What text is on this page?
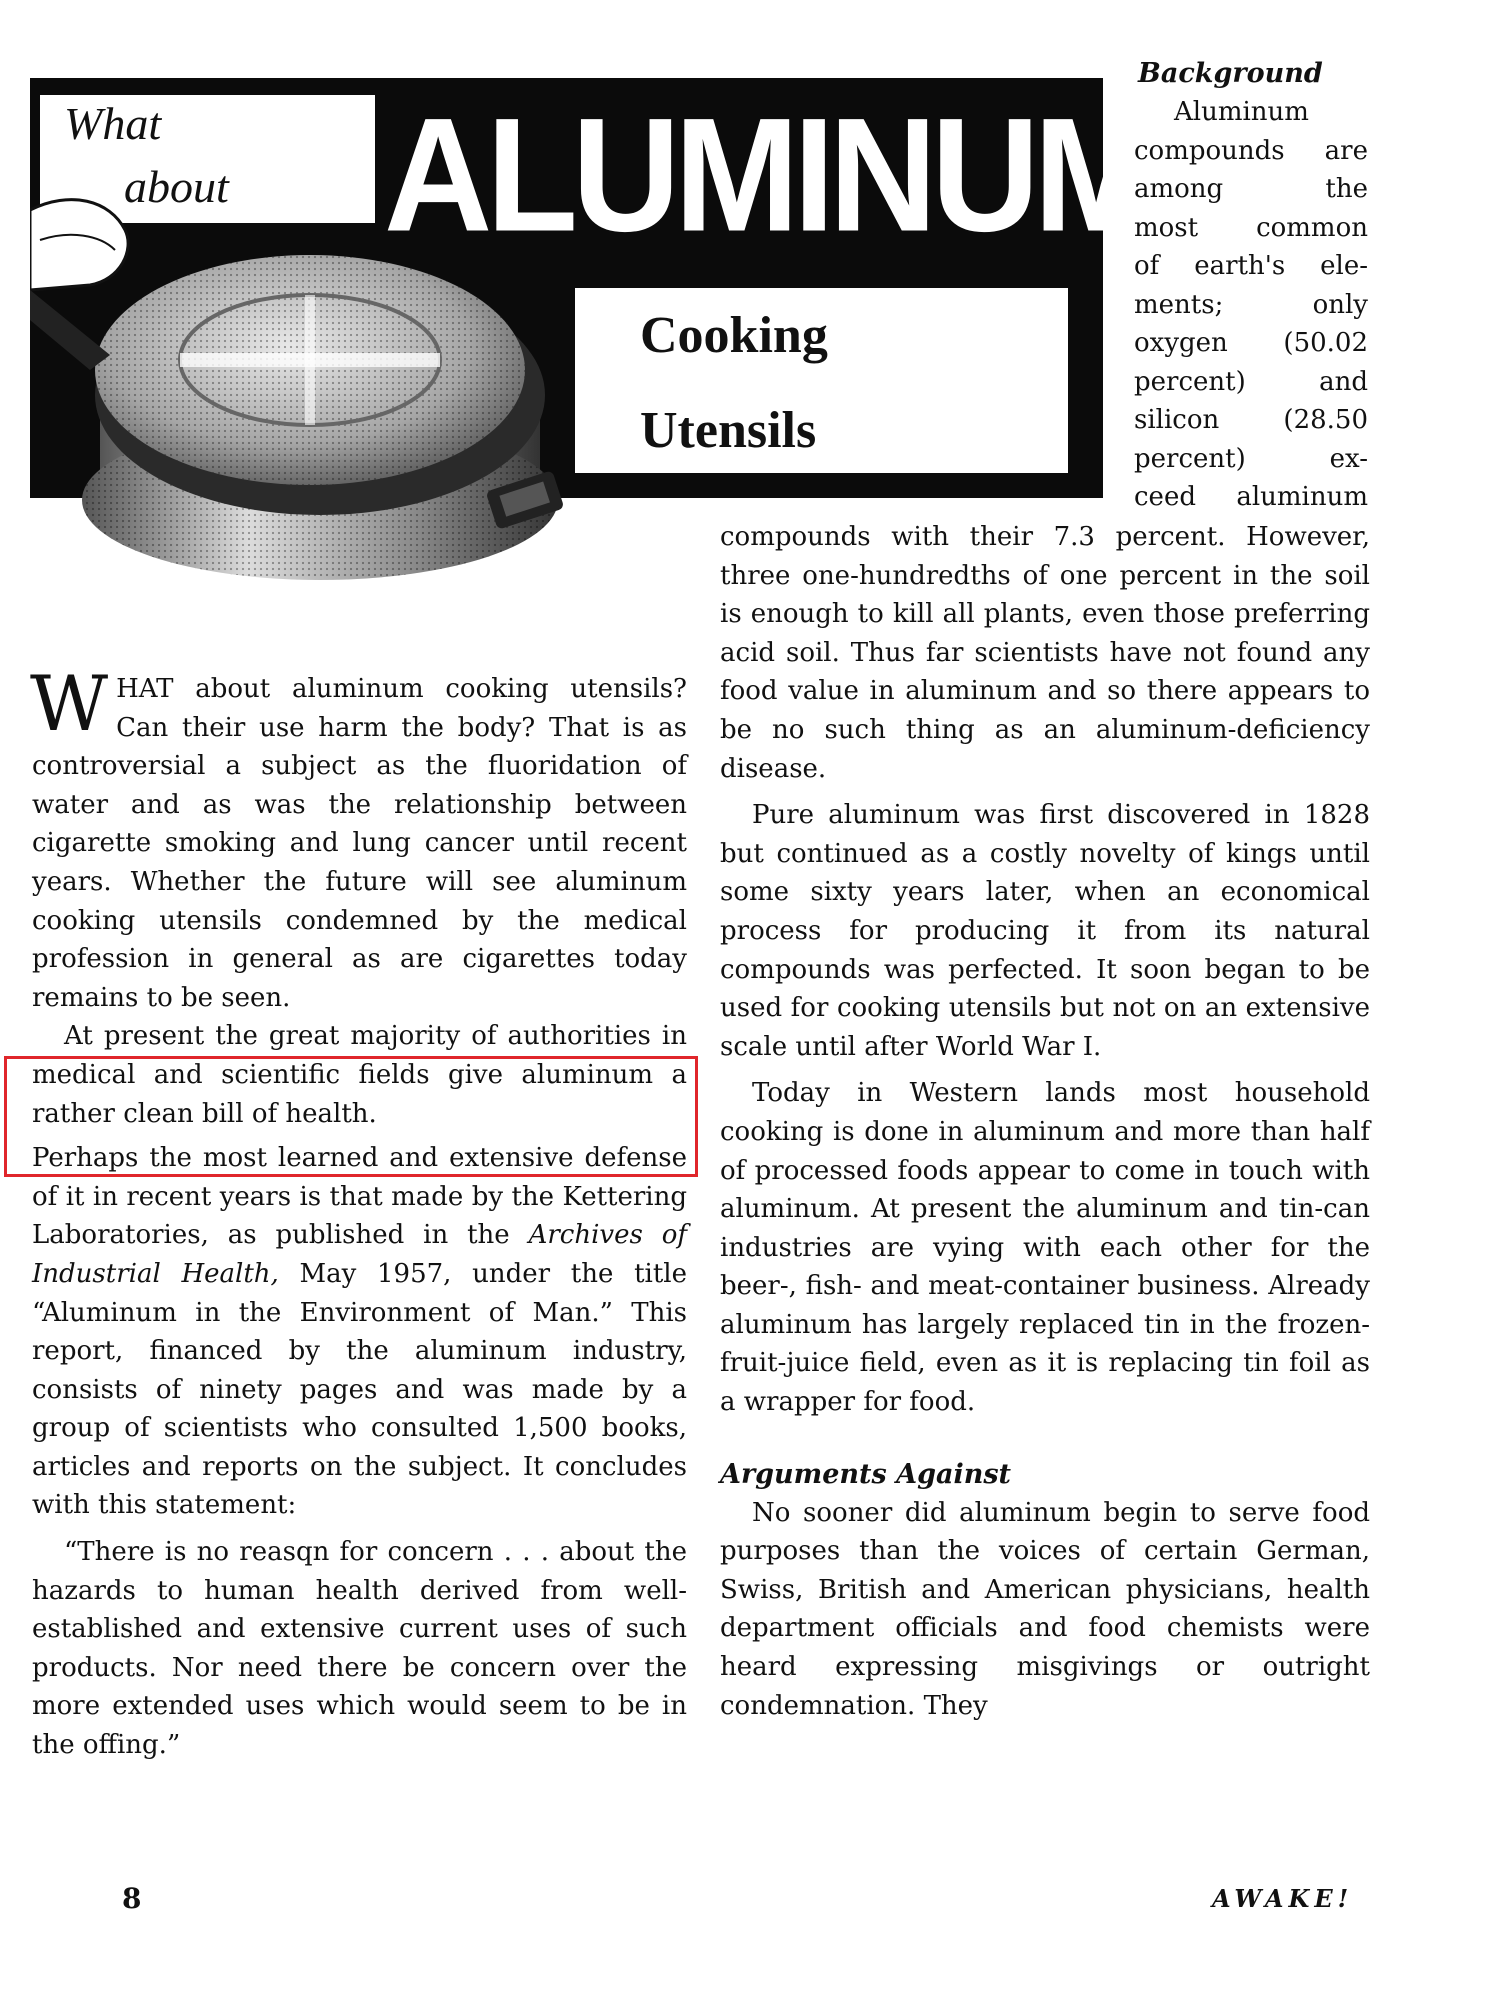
What
about	ALUMINUM
Cooking
Utensils
Background
Aluminum
compounds are
among the
most common
of earth's ele-
ments; only
oxygen (50.02
percent) and
silicon (28.50
percent) ex-
ceed aluminum

compounds with their 7.3 percent. However, three one-hundredths of one percent in the soil is enough to kill all plants, even those preferring acid soil. Thus far scientists have not found any food value in aluminum and so there appears to be no such thing as an aluminum-deficiency disease.

Pure aluminum was first discovered in 1828 but continued as a costly novelty of kings until some sixty years later, when an economical process for producing it from its natural compounds was perfected. It soon began to be used for cooking utensils but not on an extensive scale until after World War I.

Today in Western lands most household cooking is done in aluminum and more than half of processed foods appear to come in touch with aluminum. At present the aluminum and tin-can industries are vying with each other for the beer-, fish- and meat-container business. Already aluminum has largely replaced tin in the frozen-fruit-juice field, even as it is replacing tin foil as a wrapper for food.

Arguments Against

No sooner did aluminum begin to serve food purposes than the voices of certain German, Swiss, British and American physicians, health department officials and food chemists were heard expressing misgivings or outright condemnation. They

WHAT about aluminum cooking utensils? Can their use harm the body? That is as controversial a subject as the fluoridation of water and as was the relationship between cigarette smoking and lung cancer until recent years. Whether the future will see aluminum cooking utensils condemned by the medical profession in general as are cigarettes today remains to be seen.

At present the great majority of authorities in medical and scientific fields give aluminum a rather clean bill of health.

Perhaps the most learned and extensive defense of it in recent years is that made by the Kettering Laboratories, as published in the Archives of Industrial Health, May 1957, under the title “Aluminum in the Environment of Man.” This report, financed by the aluminum industry, consists of ninety pages and was made by a group of scientists who consulted 1,500 books, articles and reports on the subject. It concludes with this statement:

“There is no reasqn for concern . . . about the hazards to human health derived from well-established and extensive current uses of such products. Nor need there be concern over the more extended uses which would seem to be in the offing.”

8	AWAKE!
